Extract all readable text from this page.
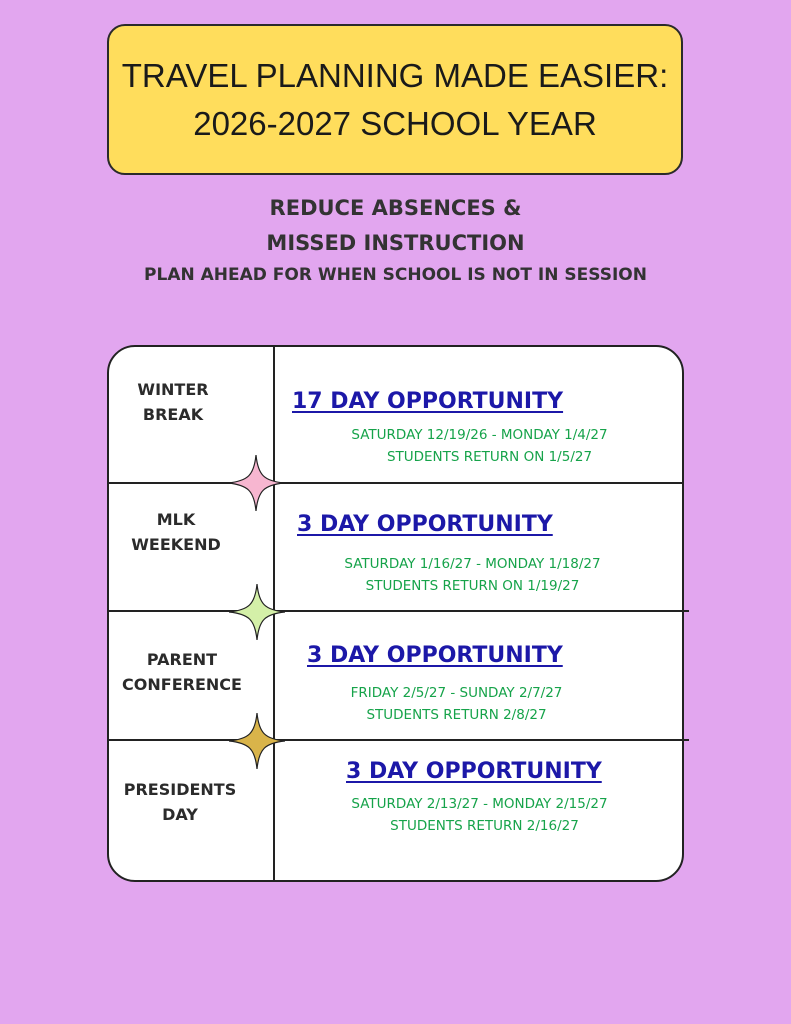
TRAVEL PLANNING MADE EASIER:
2026-2027 SCHOOL YEAR
REDUCE ABSENCES &
MISSED INSTRUCTION
PLAN AHEAD FOR WHEN SCHOOL IS NOT IN SESSION
WINTER
BREAK
17 DAY OPPORTUNITY
SATURDAY 12/19/26 - MONDAY 1/4/27
STUDENTS RETURN ON 1/5/27
MLK
WEEKEND
3 DAY OPPORTUNITY
SATURDAY 1/16/27 - MONDAY 1/18/27
STUDENTS RETURN ON 1/19/27
PARENT
CONFERENCE
3 DAY OPPORTUNITY
FRIDAY 2/5/27 - SUNDAY 2/7/27
STUDENTS RETURN 2/8/27
PRESIDENTS
DAY
3 DAY OPPORTUNITY
SATURDAY 2/13/27 - MONDAY 2/15/27
STUDENTS RETURN 2/16/27
